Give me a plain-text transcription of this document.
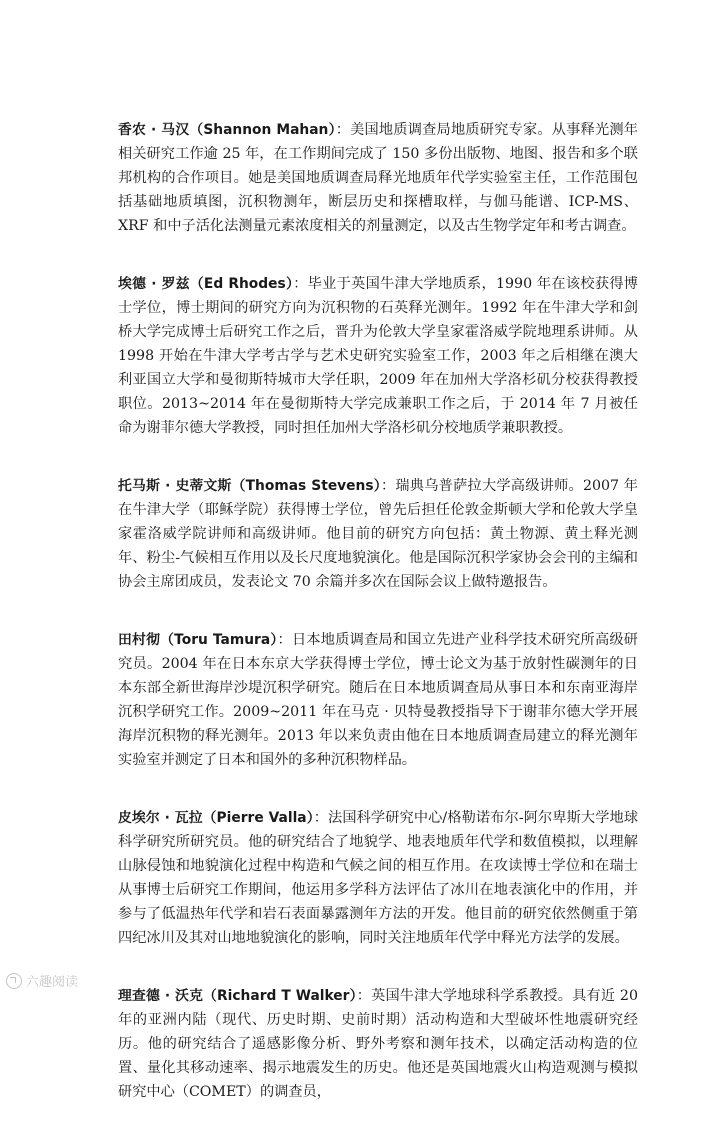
香农 · 马汉（Shannon Mahan）：美国地质调查局地质研究专家。从事释光测年相关研究工作逾 25 年，在工作期间完成了 150 多份出版物、地图、报告和多个联邦机构的合作项目。她是美国地质调查局释光地质年代学实验室主任，工作范围包括基础地质填图，沉积物测年，断层历史和探槽取样，与伽马能谱、ICP-MS、XRF 和中子活化法测量元素浓度相关的剂量测定，以及古生物学定年和考古调查。

埃德 · 罗兹（Ed Rhodes）：毕业于英国牛津大学地质系，1990 年在该校获得博士学位，博士期间的研究方向为沉积物的石英释光测年。1992 年在牛津大学和剑桥大学完成博士后研究工作之后，晋升为伦敦大学皇家霍洛威学院地理系讲师。从 1998 开始在牛津大学考古学与艺术史研究实验室工作，2003 年之后相继在澳大利亚国立大学和曼彻斯特城市大学任职，2009 年在加州大学洛杉矶分校获得教授职位。2013~2014 年在曼彻斯特大学完成兼职工作之后，于 2014 年 7 月被任命为谢菲尔德大学教授，同时担任加州大学洛杉矶分校地质学兼职教授。

托马斯 · 史蒂文斯（Thomas Stevens）：瑞典乌普萨拉大学高级讲师。2007 年在牛津大学（耶稣学院）获得博士学位，曾先后担任伦敦金斯顿大学和伦敦大学皇家霍洛威学院讲师和高级讲师。他目前的研究方向包括：黄土物源、黄土释光测年、粉尘-气候相互作用以及长尺度地貌演化。他是国际沉积学家协会会刊的主编和协会主席团成员，发表论文 70 余篇并多次在国际会议上做特邀报告。

田村彻（Toru Tamura）：日本地质调查局和国立先进产业科学技术研究所高级研究员。2004 年在日本东京大学获得博士学位，博士论文为基于放射性碳测年的日本东部全新世海岸沙堤沉积学研究。随后在日本地质调查局从事日本和东南亚海岸沉积学研究工作。2009~2011 年在马克 · 贝特曼教授指导下于谢菲尔德大学开展海岸沉积物的释光测年。2013 年以来负责由他在日本地质调查局建立的释光测年实验室并测定了日本和国外的多种沉积物样品。

皮埃尔 · 瓦拉（Pierre Valla）：法国科学研究中心/格勒诺布尔-阿尔卑斯大学地球科学研究所研究员。他的研究结合了地貌学、地表地质年代学和数值模拟，以理解山脉侵蚀和地貌演化过程中构造和气候之间的相互作用。在攻读博士学位和在瑞士从事博士后研究工作期间，他运用多学科方法评估了冰川在地表演化中的作用，并参与了低温热年代学和岩石表面暴露测年方法的开发。他目前的研究依然侧重于第四纪冰川及其对山地地貌演化的影响，同时关注地质年代学中释光方法学的发展。

理查德 · 沃克（Richard T Walker）：英国牛津大学地球科学系教授。具有近 20 年的亚洲内陆（现代、历史时期、史前时期）活动构造和大型破坏性地震研究经历。他的研究结合了遥感影像分析、野外考察和测年技术，以确定活动构造的位置、量化其移动速率、揭示地震发生的历史。他还是英国地震火山构造观测与模拟研究中心（COMET）的调查员，

六趣阅读
